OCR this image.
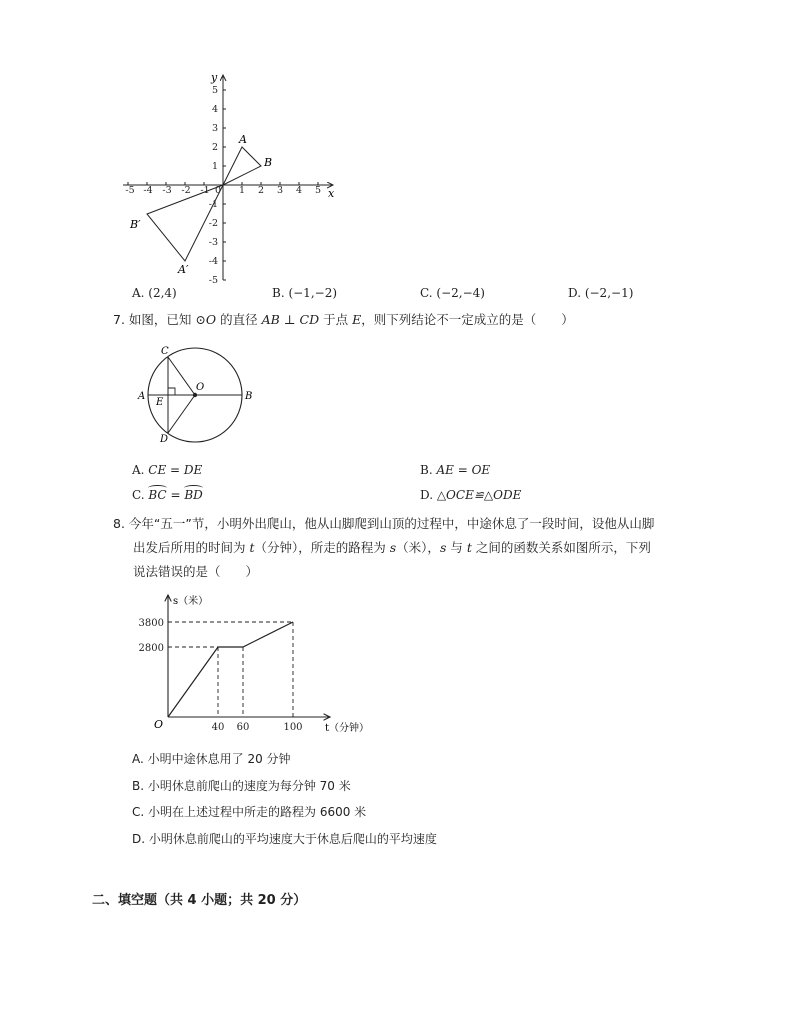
-5 -4 -3 -2 -1 0 1 2 3 4 5
5
4
3
2
1
-1
-2
-3
-4
-5
x
y
A
B
B′
A′
A. (2,4)	B. (−1,−2)	C. (−2,−4)	D. (−2,−1)
7. 如图，已知 ⊙O 的直径 AB ⊥ CD 于点 E，则下列结论不一定成立的是（　　）
C
O
A
E
B
D
A. CE = DE	B. AE = OE
C. BC = BD	D. △OCE≌△ODE
8. 今年“五一”节，小明外出爬山，他从山脚爬到山顶的过程中，中途休息了一段时间，设他从山脚
出发后所用的时间为 t（分钟），所走的路程为 s（米），s 与 t 之间的函数关系如图所示，下列
说法错误的是（　　）
s（米）
t（分钟）
O
3800
2800
40 60	100
A. 小明中途休息用了 20 分钟
B. 小明休息前爬山的速度为每分钟 70 米
C. 小明在上述过程中所走的路程为 6600 米
D. 小明休息前爬山的平均速度大于休息后爬山的平均速度
二、填空题（共 4 小题；共 20 分）
